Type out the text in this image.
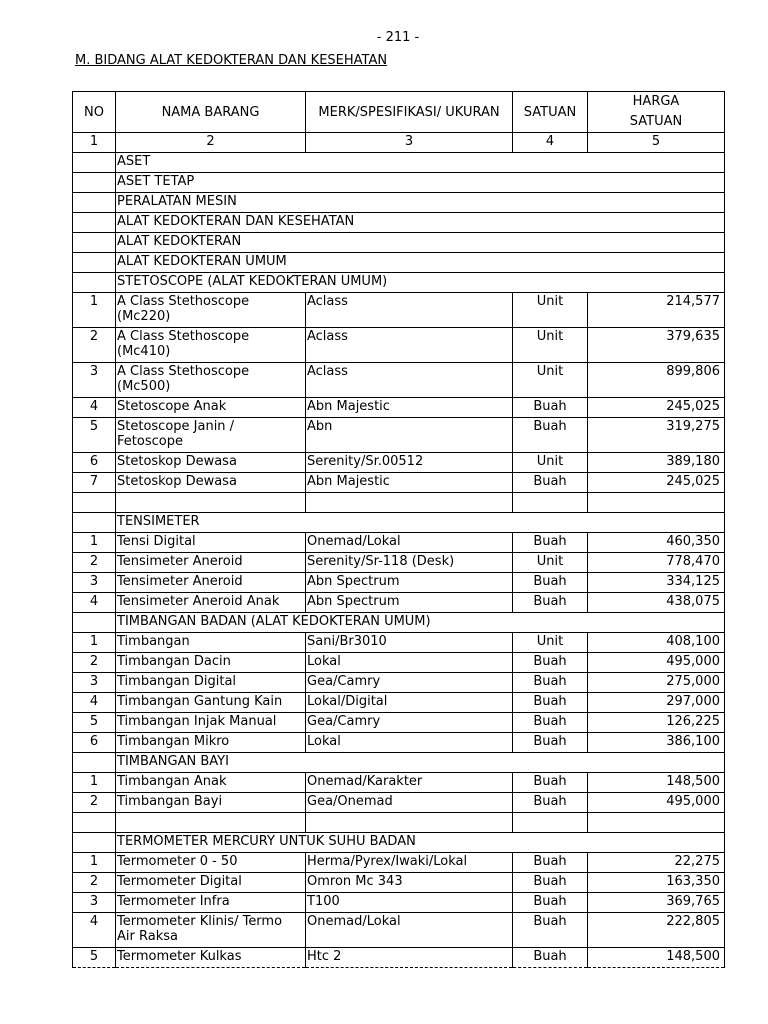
- 211 -
M. BIDANG ALAT KEDOKTERAN DAN KESEHATAN
NO	NAMA BARANG	MERK/SPESIFIKASI/ UKURAN	SATUAN	HARGA
SATUAN

1	2	3	4	5
	ASET			
	ASET TETAP			
	PERALATAN MESIN			
	ALAT KEDOKTERAN DAN KESEHATAN			
	ALAT KEDOKTERAN			
	ALAT KEDOKTERAN UMUM			
	STETOSCOPE (ALAT KEDOKTERAN UMUM)			
1	A Class Stethoscope (Mc220)	Aclass	Unit	214,577
2	A Class Stethoscope (Mc410)	Aclass	Unit	379,635
3	A Class Stethoscope (Mc500)	Aclass	Unit	899,806
4	Stetoscope Anak	Abn Majestic	Buah	245,025
5	Stetoscope Janin / Fetoscope	Abn	Buah	319,275
6	Stetoskop Dewasa	Serenity/Sr.00512	Unit	389,180
7	Stetoskop Dewasa	Abn Majestic	Buah	245,025

	TENSIMETER			
1	Tensi Digital	Onemad/Lokal	Buah	460,350
2	Tensimeter Aneroid	Serenity/Sr-118 (Desk)	Unit	778,470
3	Tensimeter Aneroid	Abn Spectrum	Buah	334,125
4	Tensimeter Aneroid Anak	Abn Spectrum	Buah	438,075
	TIMBANGAN BADAN (ALAT KEDOKTERAN UMUM)			
1	Timbangan	Sani/Br3010	Unit	408,100
2	Timbangan Dacin	Lokal	Buah	495,000
3	Timbangan Digital	Gea/Camry	Buah	275,000
4	Timbangan Gantung Kain	Lokal/Digital	Buah	297,000
5	Timbangan Injak Manual	Gea/Camry	Buah	126,225
6	Timbangan Mikro	Lokal	Buah	386,100
	TIMBANGAN BAYI			
1	Timbangan Anak	Onemad/Karakter	Buah	148,500
2	Timbangan Bayi	Gea/Onemad	Buah	495,000

	TERMOMETER MERCURY UNTUK SUHU BADAN			
1	Termometer 0 - 50	Herma/Pyrex/Iwaki/Lokal	Buah	22,275
2	Termometer Digital	Omron Mc 343	Buah	163,350
3	Termometer Infra	T100	Buah	369,765
4	Termometer Klinis/ Termo Air Raksa	Onemad/Lokal	Buah	222,805
5	Termometer Kulkas	Htc 2	Buah	148,500
